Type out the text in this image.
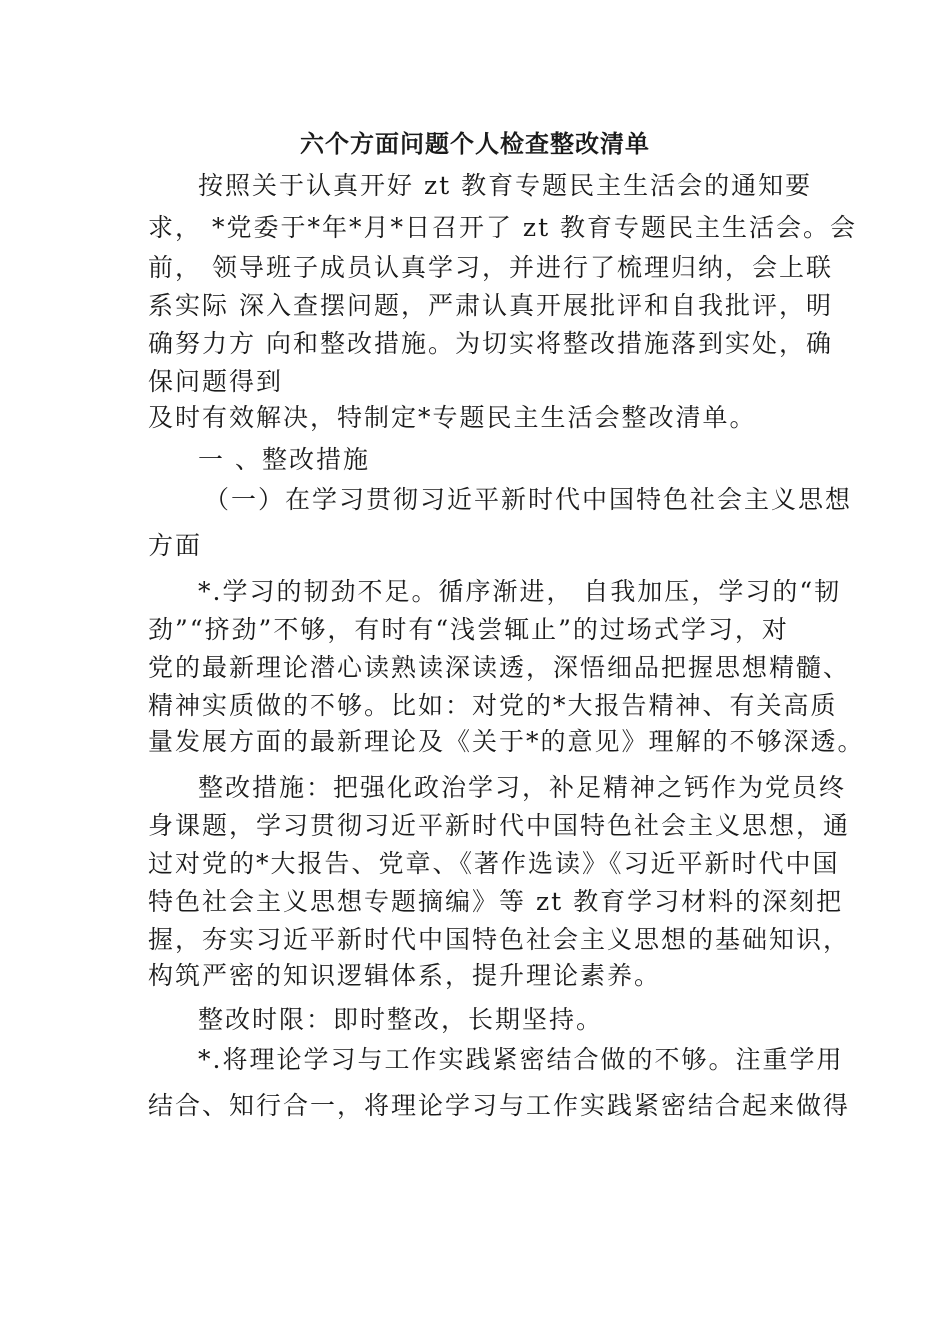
六个方面问题个人检查整改清单
按照关于认真开好 zt 教育专题民主生活会的通知要
求， *党委于*年*月*日召开了 zt 教育专题民主生活会。会
前， 领导班子成员认真学习，并进行了梳理归纳，会上联
系实际 深入查摆问题，严肃认真开展批评和自我批评，明
确努力方 向和整改措施。为切实将整改措施落到实处，确
保问题得到
及时有效解决，特制定*专题民主生活会整改清单。
一 、整改措施
（一）在学习贯彻习近平新时代中国特色社会主义思想
方面
*.学习的韧劲不足。循序渐进， 自我加压，学习的“韧
劲”“挤劲”不够，有时有“浅尝辄止”的过场式学习，对
党的最新理论潜心读熟读深读透，深悟细品把握思想精髓、
精神实质做的不够。比如：对党的*大报告精神、有关高质
量发展方面的最新理论及《关于*的意见》理解的不够深透。
整改措施：把强化政治学习，补足精神之钙作为党员终
身课题，学习贯彻习近平新时代中国特色社会主义思想，通
过对党的*大报告、党章、《著作选读》《习近平新时代中国
特色社会主义思想专题摘编》等 zt 教育学习材料的深刻把
握，夯实习近平新时代中国特色社会主义思想的基础知识，
构筑严密的知识逻辑体系，提升理论素养。
整改时限：即时整改，长期坚持。
*.将理论学习与工作实践紧密结合做的不够。注重学用
结合、知行合一，将理论学习与工作实践紧密结合起来做得
